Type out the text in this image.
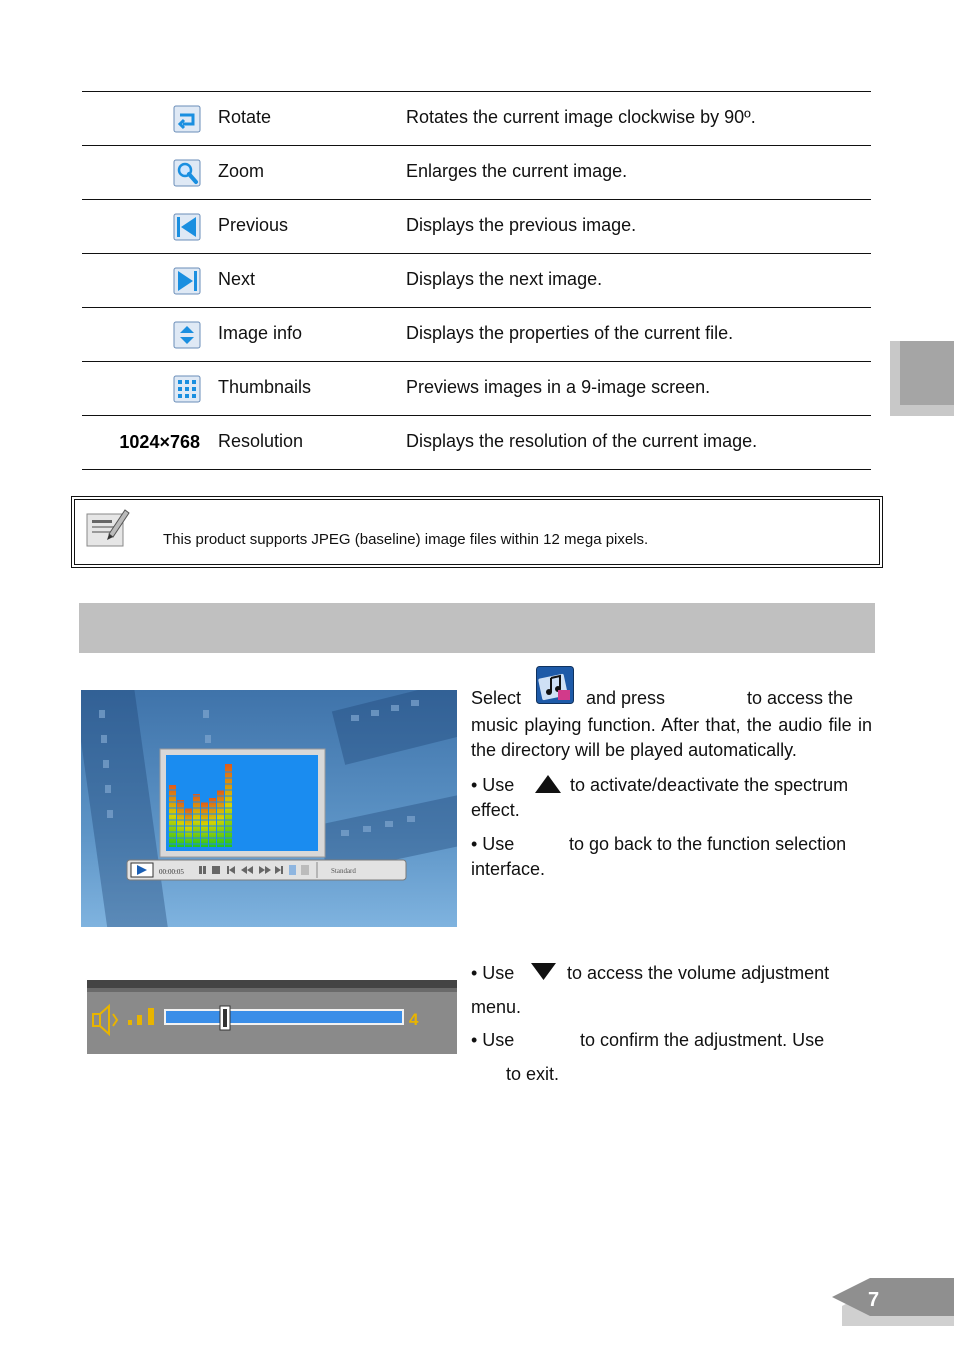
Rotate	Rotates the current image clockwise by 90º.
Zoom	Enlarges the current image.
Previous	Displays the previous image.
Next	Displays the next image.
Image info	Displays the properties of the current file.
Thumbnails	Previews images in a 9-image screen.
1024×768 Resolution	Displays the resolution of the current image.
This product supports JPEG (baseline) image files within 12 mega pixels.
00:00:05	Standard
4
Select	and press	to access the
music playing function. After that, the audio file in the directory will be played automatically.
• Use	to activate/deactivate the spectrum
effect.
• Use	to go back to the function selection
interface.
• Use	to access the volume adjustment
menu.
• Use	to confirm the adjustment. Use
to exit.
7
